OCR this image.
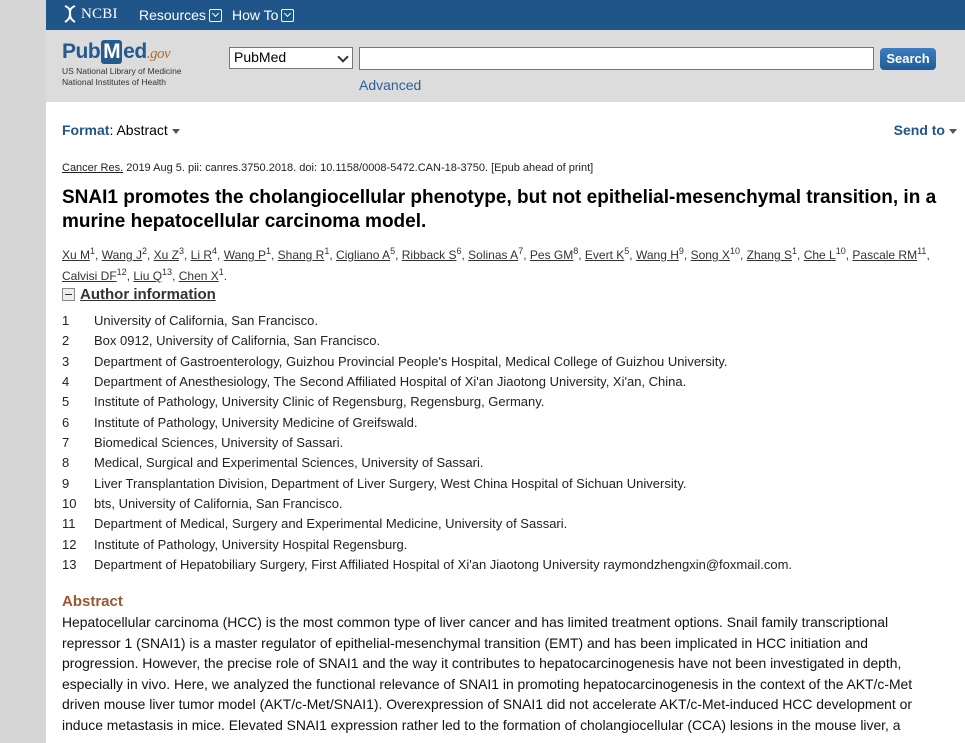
NCBI Resources How To
Pub M ed.gov
US National Library of Medicine
National Institutes of Health
PubMed	Search
Advanced
Format: Abstract	Send to
Cancer Res. 2019 Aug 5. pii: canres.3750.2018. doi: 10.1158/0008-5472.CAN-18-3750. [Epub ahead of print]
SNAI1 promotes the cholangiocellular phenotype, but not epithelial-mesenchymal transition, in a murine hepatocellular carcinoma model.
Xu $M^1$, Wang $J^2$, Xu $Z^3$, Li $R^4$, Wang $P^1$, Shang $R^1$, Cigliano $A^5$, Ribback $S^6$, Solinas $A^7$, Pes $GM^8$, Evert $K^5$, Wang $H^9$, Song $X^{10}$, Zhang $S^1$, Che $L^{10}$, Pascale RM$^{11}$, Calvisi DF$^{12}$, Liu $Q^{13}$, Chen $X^1$.
Author information
1	University of California, San Francisco.
2	Box 0912, University of California, San Francisco.
3	Department of Gastroenterology, Guizhou Provincial People's Hospital, Medical College of Guizhou University.
4	Department of Anesthesiology, The Second Affiliated Hospital of Xi'an Jiaotong University, Xi'an, China.
5	Institute of Pathology, University Clinic of Regensburg, Regensburg, Germany.
6	Institute of Pathology, University Medicine of Greifswald.
7	Biomedical Sciences, University of Sassari.
8	Medical, Surgical and Experimental Sciences, University of Sassari.
9	Liver Transplantation Division, Department of Liver Surgery, West China Hospital of Sichuan University.
10	bts, University of California, San Francisco.
11	Department of Medical, Surgery and Experimental Medicine, University of Sassari.
12	Institute of Pathology, University Hospital Regensburg.
13	Department of Hepatobiliary Surgery, First Affiliated Hospital of Xi'an Jiaotong University raymondzhengxin@foxmail.com.
Abstract

Hepatocellular carcinoma (HCC) is the most common type of liver cancer and has limited treatment options. Snail family transcriptional repressor 1 (SNAI1) is a master regulator of epithelial-mesenchymal transition (EMT) and has been implicated in HCC initiation and progression. However, the precise role of SNAI1 and the way it contributes to hepatocarcinogenesis have not been investigated in depth, especially in vivo. Here, we analyzed the functional relevance of SNAI1 in promoting hepatocarcinogenesis in the context of the AKT/c-Met driven mouse liver tumor model (AKT/c-Met/SNAI1). Overexpression of SNAI1 did not accelerate AKT/c-Met-induced HCC development or induce metastasis in mice. Elevated SNAI1 expression rather led to the formation of cholangiocellular (CCA) lesions in the mouse liver, a
